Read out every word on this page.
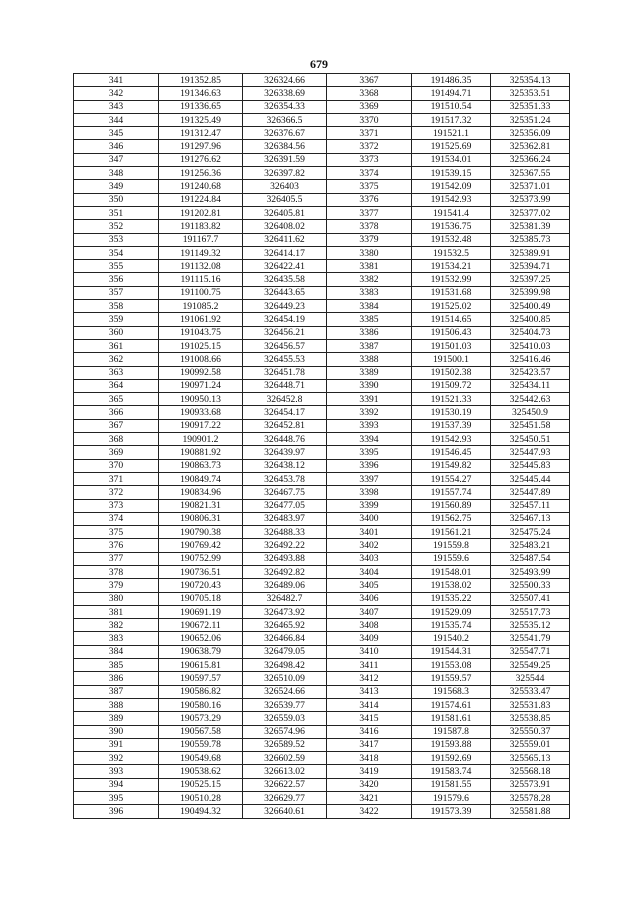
679
341	191352.85	326324.66	3367	191486.35	325354.13
342	191346.63	326338.69	3368	191494.71	325353.51
343	191336.65	326354.33	3369	191510.54	325351.33
344	191325.49	326366.5	3370	191517.32	325351.24
345	191312.47	326376.67	3371	191521.1	325356.09
346	191297.96	326384.56	3372	191525.69	325362.81
347	191276.62	326391.59	3373	191534.01	325366.24
348	191256.36	326397.82	3374	191539.15	325367.55
349	191240.68	326403	3375	191542.09	325371.01
350	191224.84	326405.5	3376	191542.93	325373.99
351	191202.81	326405.81	3377	191541.4	325377.02
352	191183.82	326408.02	3378	191536.75	325381.39
353	191167.7	326411.62	3379	191532.48	325385.73
354	191149.32	326414.17	3380	191532.5	325389.91
355	191132.08	326422.41	3381	191534.21	325394.71
356	191115.16	326435.58	3382	191532.99	325397.25
357	191100.75	326443.65	3383	191531.68	325399.98
358	191085.2	326449.23	3384	191525.02	325400.49
359	191061.92	326454.19	3385	191514.65	325400.85
360	191043.75	326456.21	3386	191506.43	325404.73
361	191025.15	326456.57	3387	191501.03	325410.03
362	191008.66	326455.53	3388	191500.1	325416.46
363	190992.58	326451.78	3389	191502.38	325423.57
364	190971.24	326448.71	3390	191509.72	325434.11
365	190950.13	326452.8	3391	191521.33	325442.63
366	190933.68	326454.17	3392	191530.19	325450.9
367	190917.22	326452.81	3393	191537.39	325451.58
368	190901.2	326448.76	3394	191542.93	325450.51
369	190881.92	326439.97	3395	191546.45	325447.93
370	190863.73	326438.12	3396	191549.82	325445.83
371	190849.74	326453.78	3397	191554.27	325445.44
372	190834.96	326467.75	3398	191557.74	325447.89
373	190821.31	326477.05	3399	191560.89	325457.11
374	190806.31	326483.97	3400	191562.75	325467.13
375	190790.38	326488.33	3401	191561.21	325475.24
376	190769.42	326492.22	3402	191559.8	325483.21
377	190752.99	326493.88	3403	191559.6	325487.54
378	190736.51	326492.82	3404	191548.01	325493.99
379	190720.43	326489.06	3405	191538.02	325500.33
380	190705.18	326482.7	3406	191535.22	325507.41
381	190691.19	326473.92	3407	191529.09	325517.73
382	190672.11	326465.92	3408	191535.74	325535.12
383	190652.06	326466.84	3409	191540.2	325541.79
384	190638.79	326479.05	3410	191544.31	325547.71
385	190615.81	326498.42	3411	191553.08	325549.25
386	190597.57	326510.09	3412	191559.57	325544
387	190586.82	326524.66	3413	191568.3	325533.47
388	190580.16	326539.77	3414	191574.61	325531.83
389	190573.29	326559.03	3415	191581.61	325538.85
390	190567.58	326574.96	3416	191587.8	325550.37
391	190559.78	326589.52	3417	191593.88	325559.01
392	190549.68	326602.59	3418	191592.69	325565.13
393	190538.62	326613.02	3419	191583.74	325568.18
394	190525.15	326622.57	3420	191581.55	325573.91
395	190510.28	326629.77	3421	191579.6	325578.28
396	190494.32	326640.61	3422	191573.39	325581.88
